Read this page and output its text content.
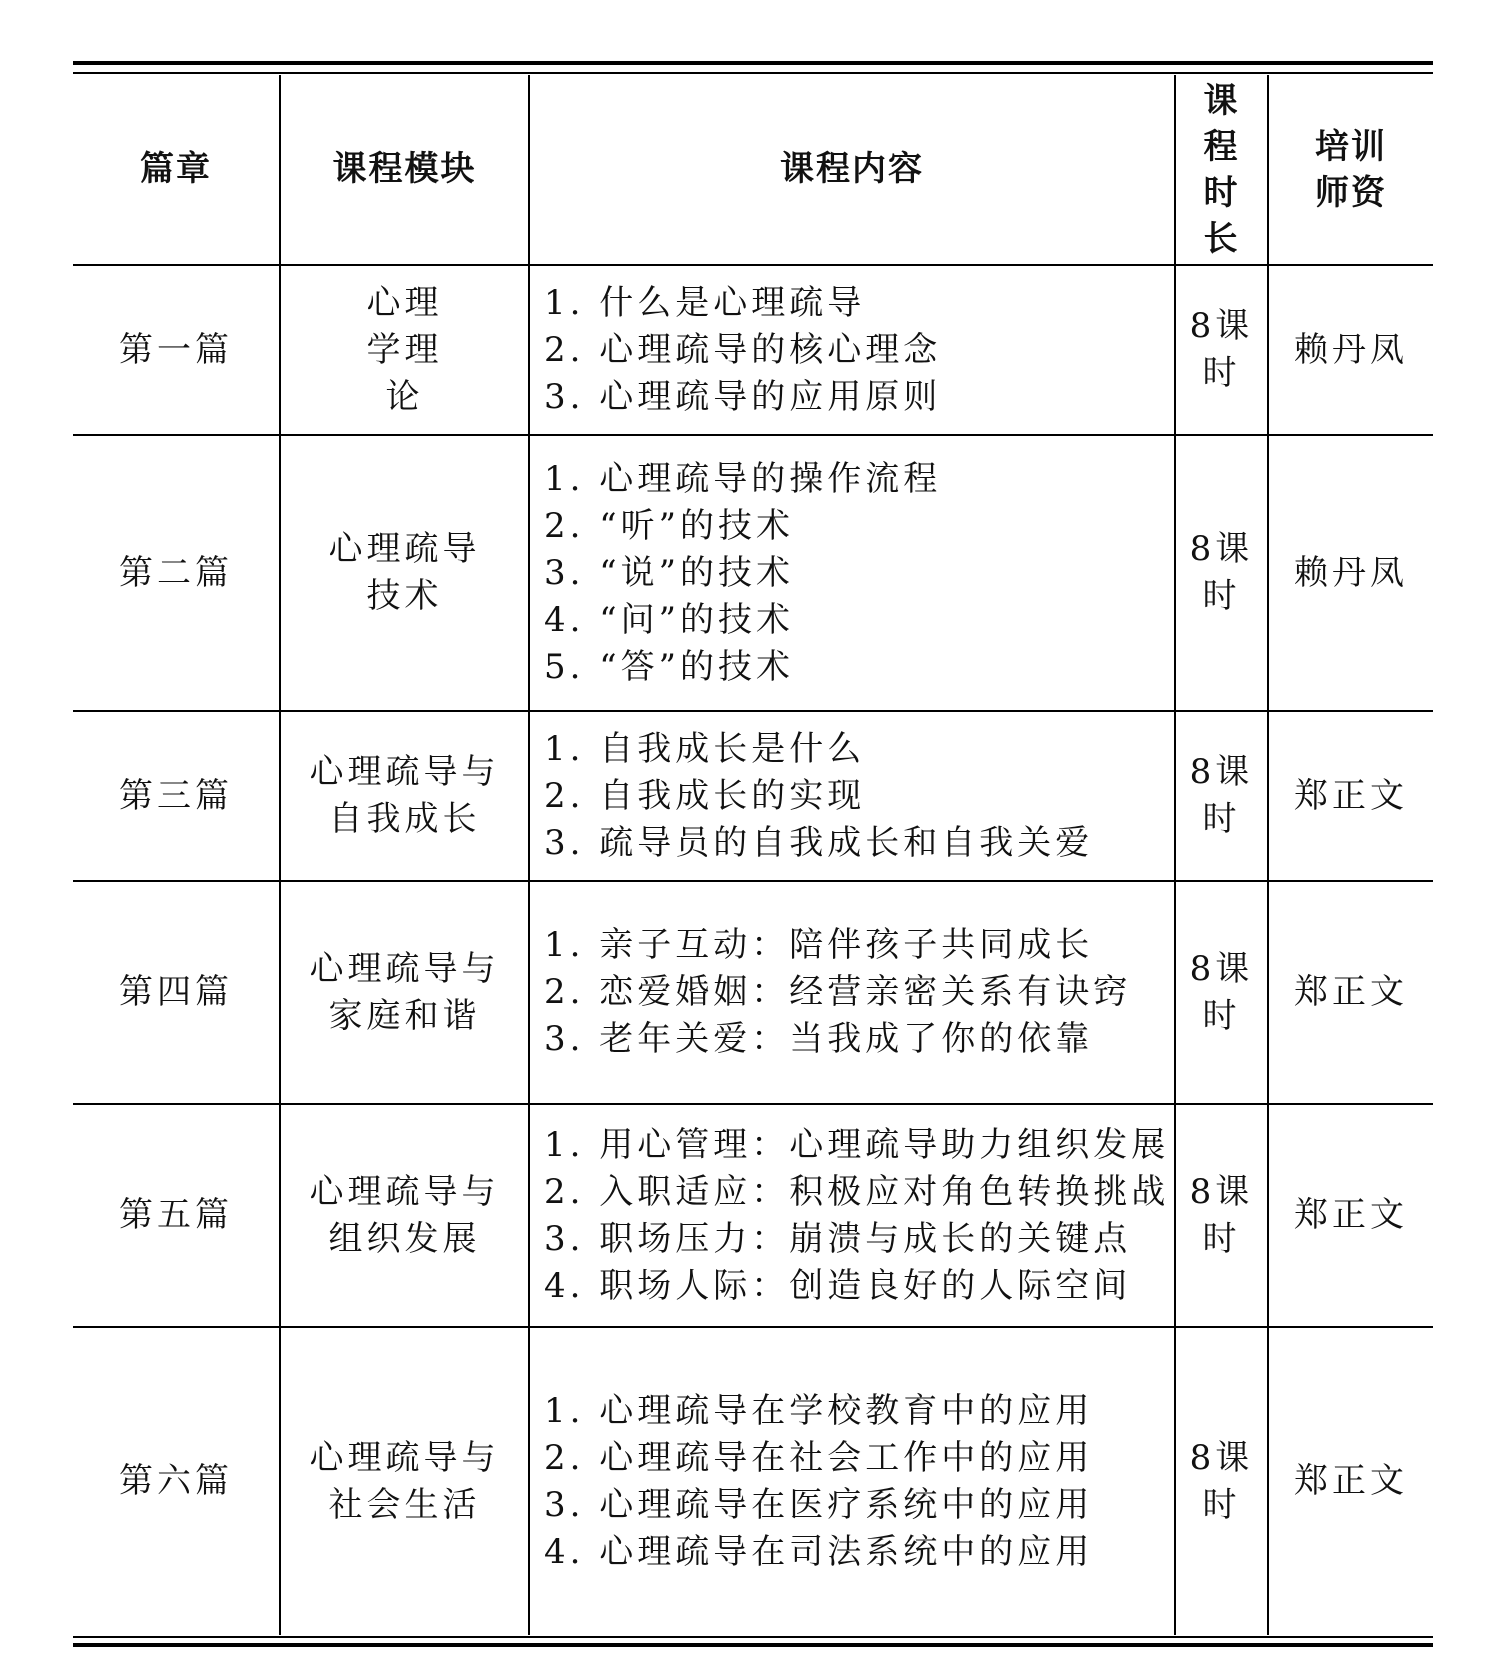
篇章	课程模块	课程内容	课程时长	培训师资

第一篇	心理学理论	1. 什么是心理疏导
2. 心理疏导的核心理念
3. 心理疏导的应用原则	8课时	赖丹凤
第二篇	心理疏导技术	1. 心理疏导的操作流程
2. “听”的技术
3. “说”的技术
4. “问”的技术
5. “答”的技术	8课时	赖丹凤
第三篇	心理疏导与自我成长	1. 自我成长是什么
2. 自我成长的实现
3. 疏导员的自我成长和自我关爱	8课时	郑正文
第四篇	心理疏导与家庭和谐	1. 亲子互动：陪伴孩子共同成长
2. 恋爱婚姻：经营亲密关系有诀窍
3. 老年关爱：当我成了你的依靠	8课时	郑正文
第五篇	心理疏导与组织发展	1. 用心管理：心理疏导助力组织发展
2. 入职适应：积极应对角色转换挑战
3. 职场压力：崩溃与成长的关键点
4. 职场人际：创造良好的人际空间	8课时	郑正文
第六篇	心理疏导与社会生活	1. 心理疏导在学校教育中的应用
2. 心理疏导在社会工作中的应用
3. 心理疏导在医疗系统中的应用
4. 心理疏导在司法系统中的应用	8课时	郑正文
